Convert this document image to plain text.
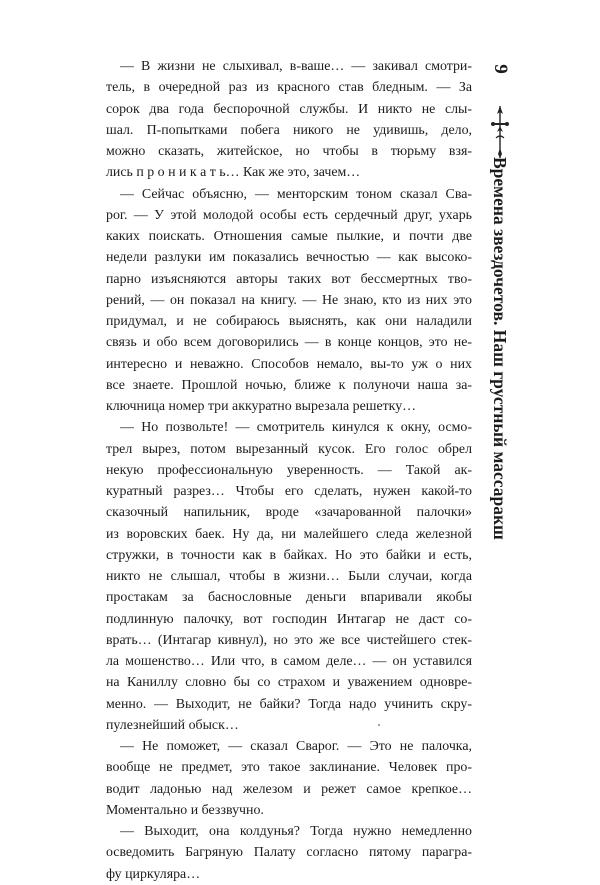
— В жизни не слыхивал, в-ваше… — закивал смотри-
тель, в очередной раз из красного став бледным. — За
сорок два года беспорочной службы. И никто не слы-
шал. П-попытками побега никого не удивишь, дело,
можно сказать, житейское, но чтобы в тюрьму взя-
лись п р о н и к а т ь… Как же это, зачем…
— Сейчас объясню, — менторским тоном сказал Сва-
рог. — У этой молодой особы есть сердечный друг, ухарь
каких поискать. Отношения самые пылкие, и почти две
недели разлуки им показались вечностью — как высоко-
парно изъясняются авторы таких вот бессмертных тво-
рений, — он показал на книгу. — Не знаю, кто из них это
придумал, и не собираюсь выяснять, как они наладили
связь и обо всем договорились — в конце концов, это не-
интересно и неважно. Способов немало, вы-то уж о них
все знаете. Прошлой ночью, ближе к полуночи наша за-
ключница номер три аккуратно вырезала решетку…
— Но позвольте! — смотритель кинулся к окну, осмо-
трел вырез, потом вырезанный кусок. Его голос обрел
некую профессиональную уверенность. — Такой ак-
куратный разрез… Чтобы его сделать, нужен какой-то
сказочный напильник, вроде «зачарованной палочки»
из воровских баек. Ну да, ни малейшего следа железной
стружки, в точности как в байках. Но это байки и есть,
никто не слышал, чтобы в жизни… Были случаи, когда
простакам за баснословные деньги впаривали якобы
подлинную палочку, вот господин Интагар не даст со-
врать… (Интагар кивнул), но это же все чистейшего стек-
ла мошенство… Или что, в самом деле… — он уставился
на Каниллу словно бы со страхом и уважением одновре-
менно. — Выходит, не байки? Тогда надо учинить скру-
пулезнейший обыск…
— Не поможет, — сказал Сварог. — Это не палочка,
вообще не предмет, это такое заклинание. Человек про-
водит ладонью над железом и режет самое крепкое…
Моментально и беззвучно.
— Выходит, она колдунья? Тогда нужно немедленно
осведомить Багряную Палату согласно пятому парагра-
фу циркуляра…
9
Времена звездочетов. Наш грустный массаракш
